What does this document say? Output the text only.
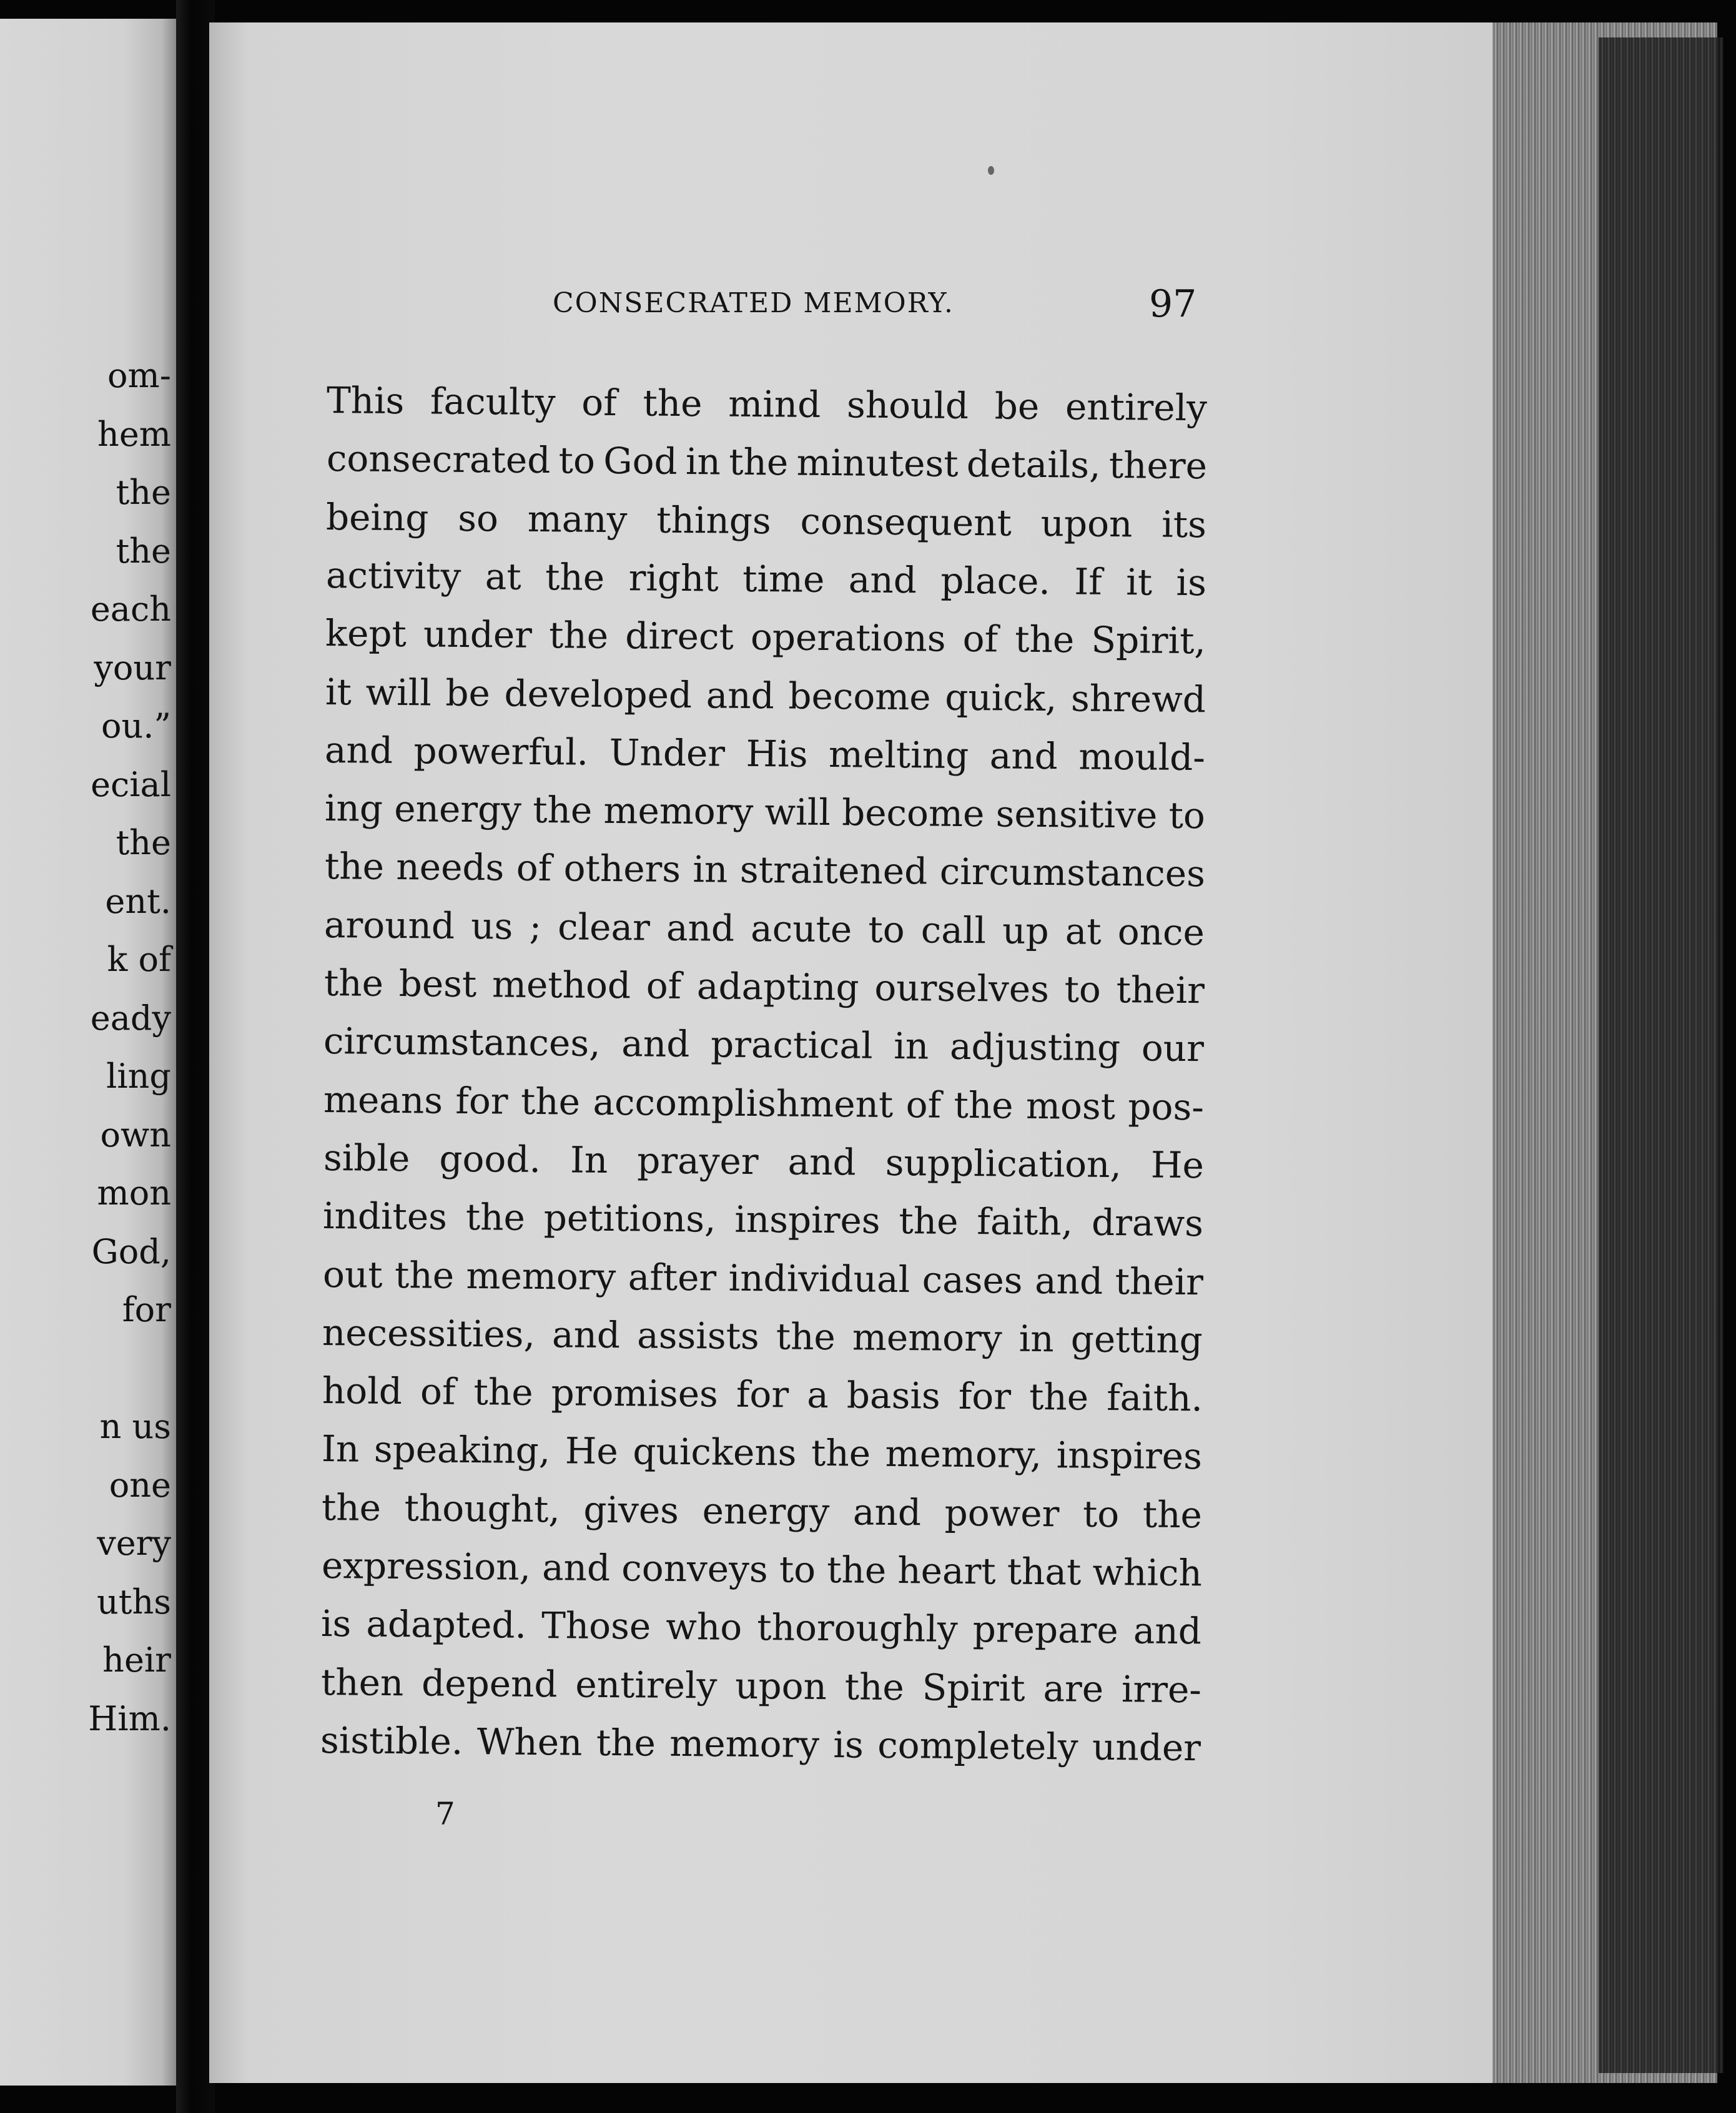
om-
hem
the
the
each
your
ou.”
ecial
the
ent.
k of
eady
ling
own
mon
God,
for
n us
one
very
uths
heir
Him.
CONSECRATED MEMORY.	97
This faculty of the mind should be entirely
consecrated to God in the minutest details, there
being so many things consequent upon its
activity at the right time and place. If it is
kept under the direct operations of the Spirit,
it will be developed and become quick, shrewd
and powerful. Under His melting and mould-
ing energy the memory will become sensitive to
the needs of others in straitened circumstances
around us ; clear and acute to call up at once
the best method of adapting ourselves to their
circumstances, and practical in adjusting our
means for the accomplishment of the most pos-
sible good. In prayer and supplication, He
indites the petitions, inspires the faith, draws
out the memory after individual cases and their
necessities, and assists the memory in getting
hold of the promises for a basis for the faith.
In speaking, He quickens the memory, inspires
the thought, gives energy and power to the
expression, and conveys to the heart that which
is adapted. Those who thoroughly prepare and
then depend entirely upon the Spirit are irre-
sistible. When the memory is completely under
7
